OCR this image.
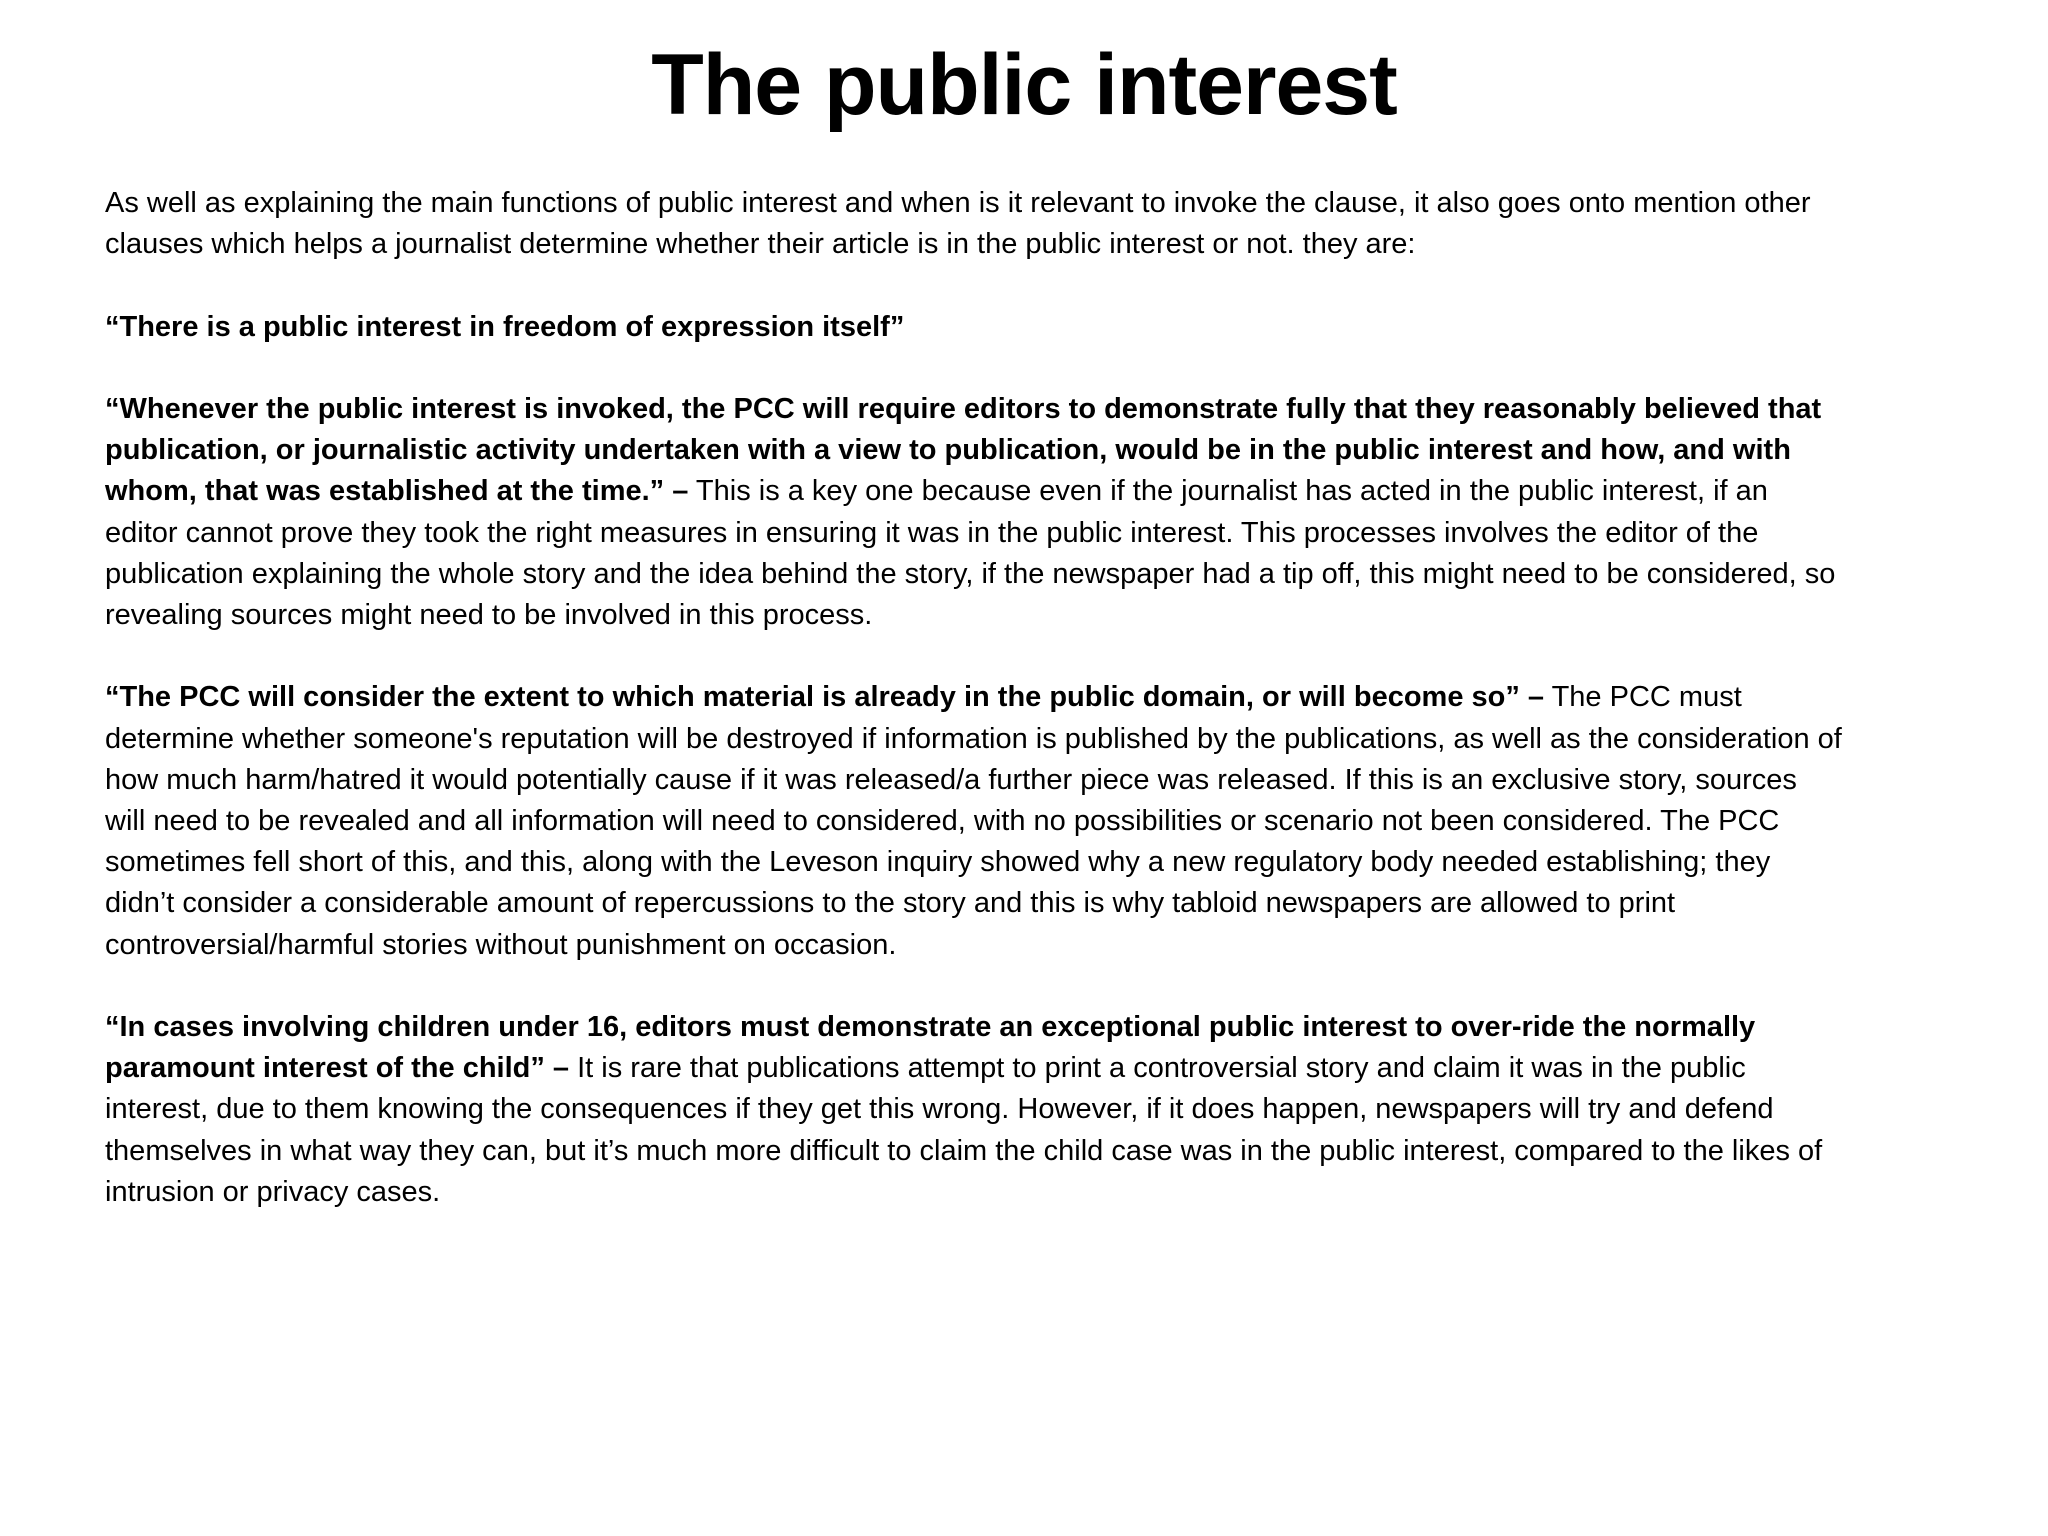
The public interest

As well as explaining the main functions of public interest and when is it relevant to invoke the clause, it also goes onto mention other clauses which helps a journalist determine whether their article is in the public interest or not. they are:

“There is a public interest in freedom of expression itself”

“Whenever the public interest is invoked, the PCC will require editors to demonstrate fully that they reasonably believed that publication, or journalistic activity undertaken with a view to publication, would be in the public interest and how, and with whom, that was established at the time.” – This is a key one because even if the journalist has acted in the public interest, if an editor cannot prove they took the right measures in ensuring it was in the public interest. This processes involves the editor of the publication explaining the whole story and the idea behind the story, if the newspaper had a tip off, this might need to be considered, so revealing sources might need to be involved in this process.

“The PCC will consider the extent to which material is already in the public domain, or will become so” – The PCC must determine whether someone's reputation will be destroyed if information is published by the publications, as well as the consideration of how much harm/hatred it would potentially cause if it was released/a further piece was released. If this is an exclusive story, sources will need to be revealed and all information will need to considered, with no possibilities or scenario not been considered. The PCC sometimes fell short of this, and this, along with the Leveson inquiry showed why a new regulatory body needed establishing; they didn’t consider a considerable amount of repercussions to the story and this is why tabloid newspapers are allowed to print controversial/harmful stories without punishment on occasion.

“In cases involving children under 16, editors must demonstrate an exceptional public interest to over-ride the normally paramount interest of the child” – It is rare that publications attempt to print a controversial story and claim it was in the public interest, due to them knowing the consequences if they get this wrong. However, if it does happen, newspapers will try and defend themselves in what way they can, but it’s much more difficult to claim the child case was in the public interest, compared to the likes of intrusion or privacy cases.
